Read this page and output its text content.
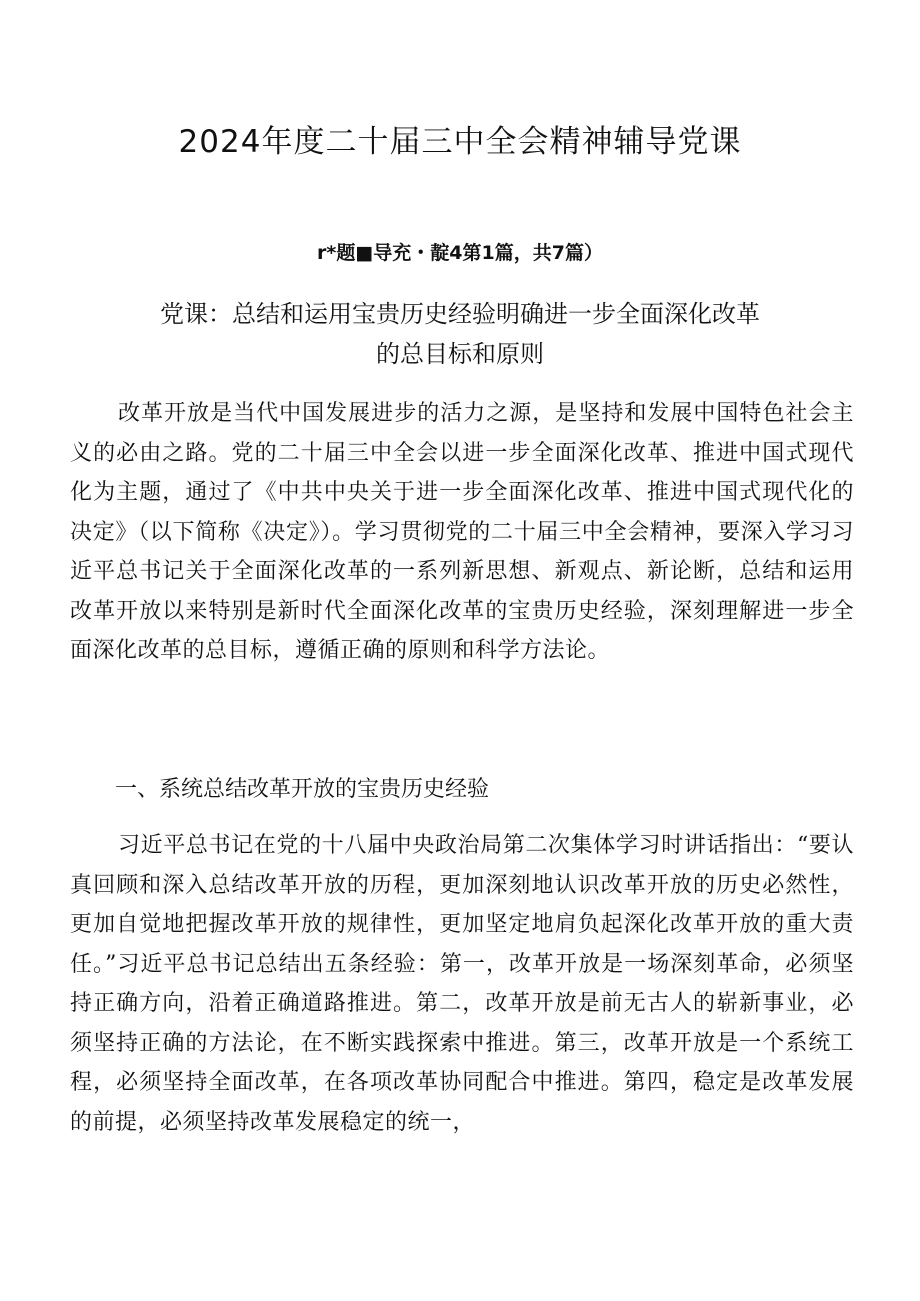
2024年度二十届三中全会精神辅导党课
r*题■导充・靛4第1篇，共7篇）
党课：总结和运用宝贵历史经验明确进一步全面深化改革
的总目标和原则

改革开放是当代中国发展进步的活力之源，是坚持和发展中国特色社会主义的必由之路。党的二十届三中全会以进一步全面深化改革、推进中国式现代化为主题，通过了《中共中央关于进一步全面深化改革、推进中国式现代化的决定》（以下简称《决定》）。学习贯彻党的二十届三中全会精神，要深入学习习近平总书记关于全面深化改革的一系列新思想、新观点、新论断，总结和运用改革开放以来特别是新时代全面深化改革的宝贵历史经验，深刻理解进一步全面深化改革的总目标，遵循正确的原则和科学方法论。

一、系统总结改革开放的宝贵历史经验

习近平总书记在党的十八届中央政治局第二次集体学习时讲话指出：“要认真回顾和深入总结改革开放的历程，更加深刻地认识改革开放的历史必然性，更加自觉地把握改革开放的规律性，更加坚定地肩负起深化改革开放的重大责任。”习近平总书记总结出五条经验：第一，改革开放是一场深刻革命，必须坚持正确方向，沿着正确道路推进。第二，改革开放是前无古人的崭新事业，必须坚持正确的方法论，在不断实践探索中推进。第三，改革开放是一个系统工程，必须坚持全面改革，在各项改革协同配合中推进。第四，稳定是改革发展的前提，必须坚持改革发展稳定的统一，
